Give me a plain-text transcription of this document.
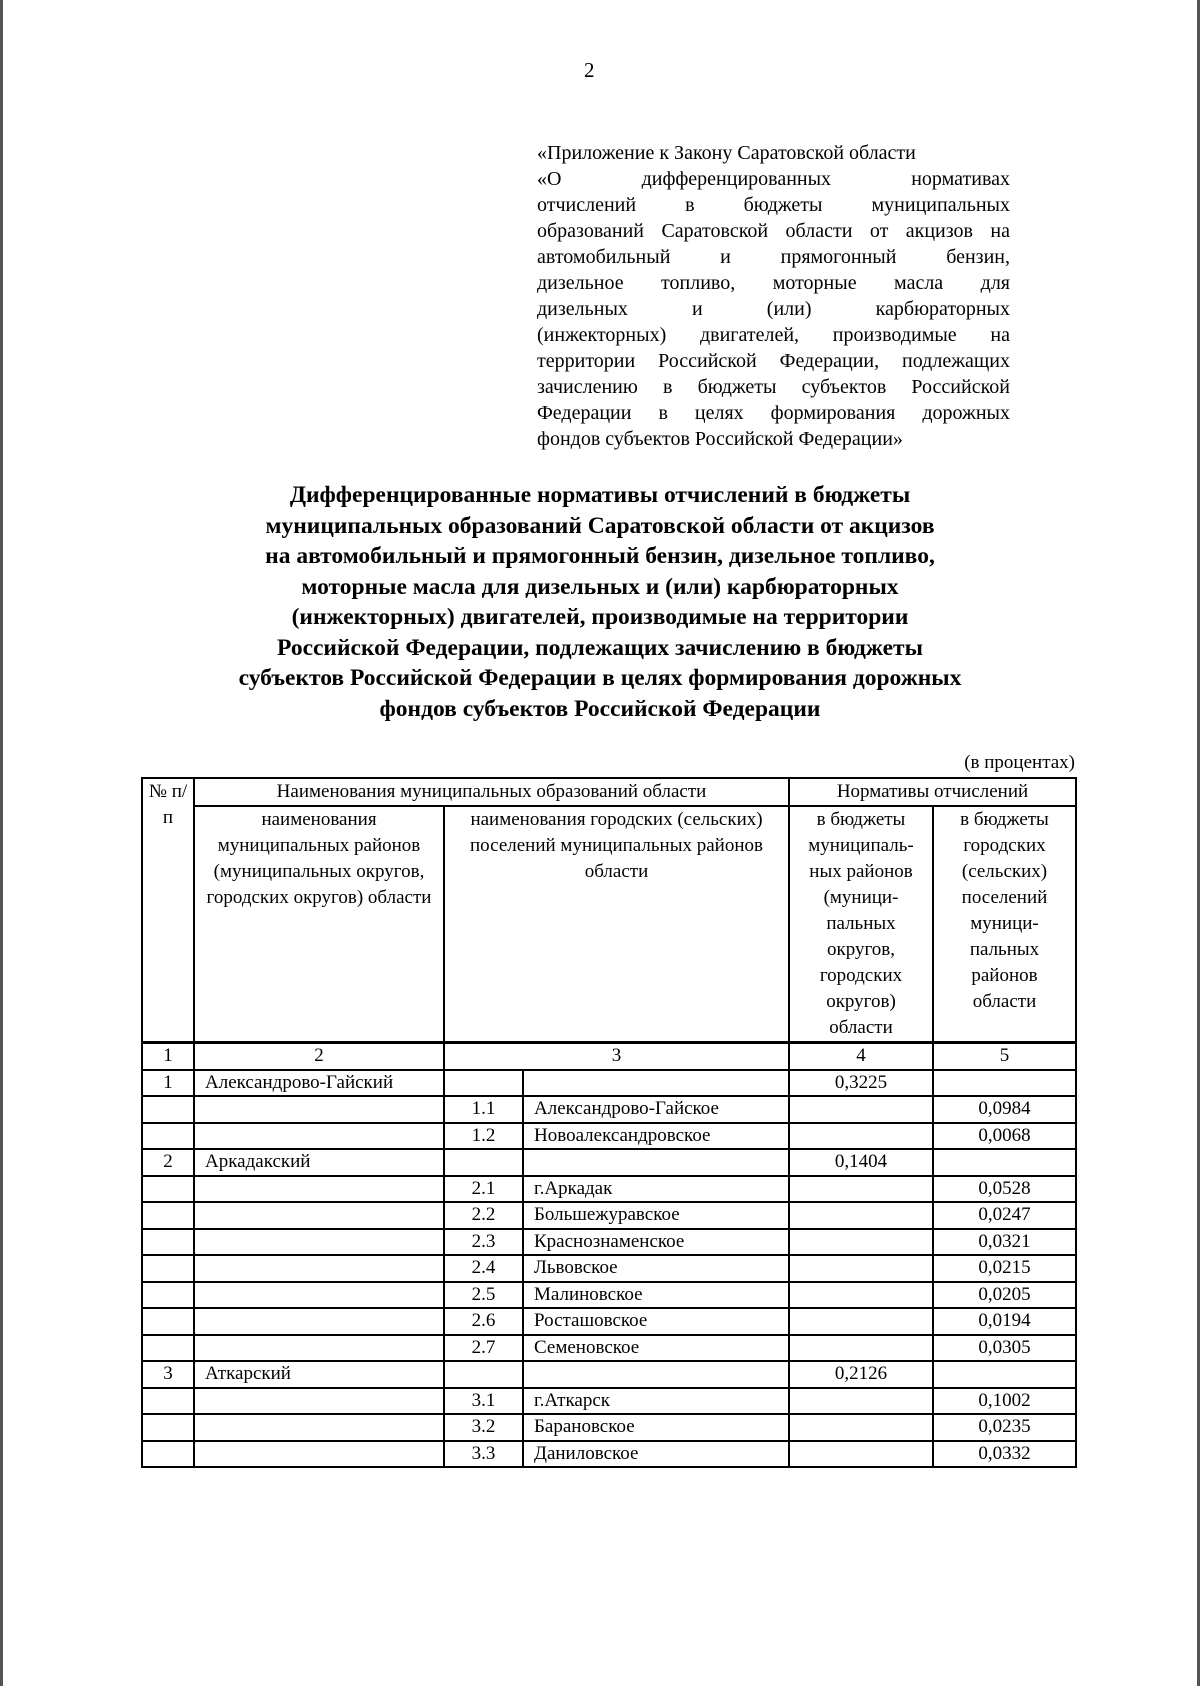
2
«Приложение к Закону Саратовской области
«О дифференцированных нормативах
отчислений в бюджеты муниципальных
образований Саратовской области от акцизов на
автомобильный и прямогонный бензин,
дизельное топливо, моторные масла для
дизельных и (или) карбюраторных
(инжекторных) двигателей, производимые на
территории Российской Федерации, подлежащих
зачислению в бюджеты субъектов Российской
Федерации в целях формирования дорожных
фондов субъектов Российской Федерации»
Дифференцированные нормативы отчислений в бюджеты
муниципальных образований Саратовской области от акцизов
на автомобильный и прямогонный бензин, дизельное топливо,
моторные масла для дизельных и (или) карбюраторных
(инжекторных) двигателей, производимые на территории
Российской Федерации, подлежащих зачислению в бюджеты
субъектов Российской Федерации в целях формирования дорожных
фондов субъектов Российской Федерации
(в процентах)
№ п/п	Наименования муниципальных образований области		Нормативы отчислений	
	наименования муниципальных районов (муниципальных округов, городских округов) области	наименования городских (сельских) поселений муниципальных районов области	в бюджеты муниципаль-ных районов (муници-пальных округов, городских округов) области	в бюджеты городских (сельских) поселений муници-пальных районов области
1	2	3		4	5
1	Александрово-Гайский			0,3225	
		1.1	Александрово-Гайское		0,0984
		1.2	Новоалександровское		0,0068
2	Аркадакский			0,1404	
		2.1	г.Аркадак		0,0528
		2.2	Большежуравское		0,0247
		2.3	Краснознаменское		0,0321
		2.4	Львовское		0,0215
		2.5	Малиновское		0,0205
		2.6	Росташовское		0,0194
		2.7	Семеновское		0,0305
3	Аткарский			0,2126	
		3.1	г.Аткарск		0,1002
		3.2	Барановское		0,0235
		3.3	Даниловское		0,0332
